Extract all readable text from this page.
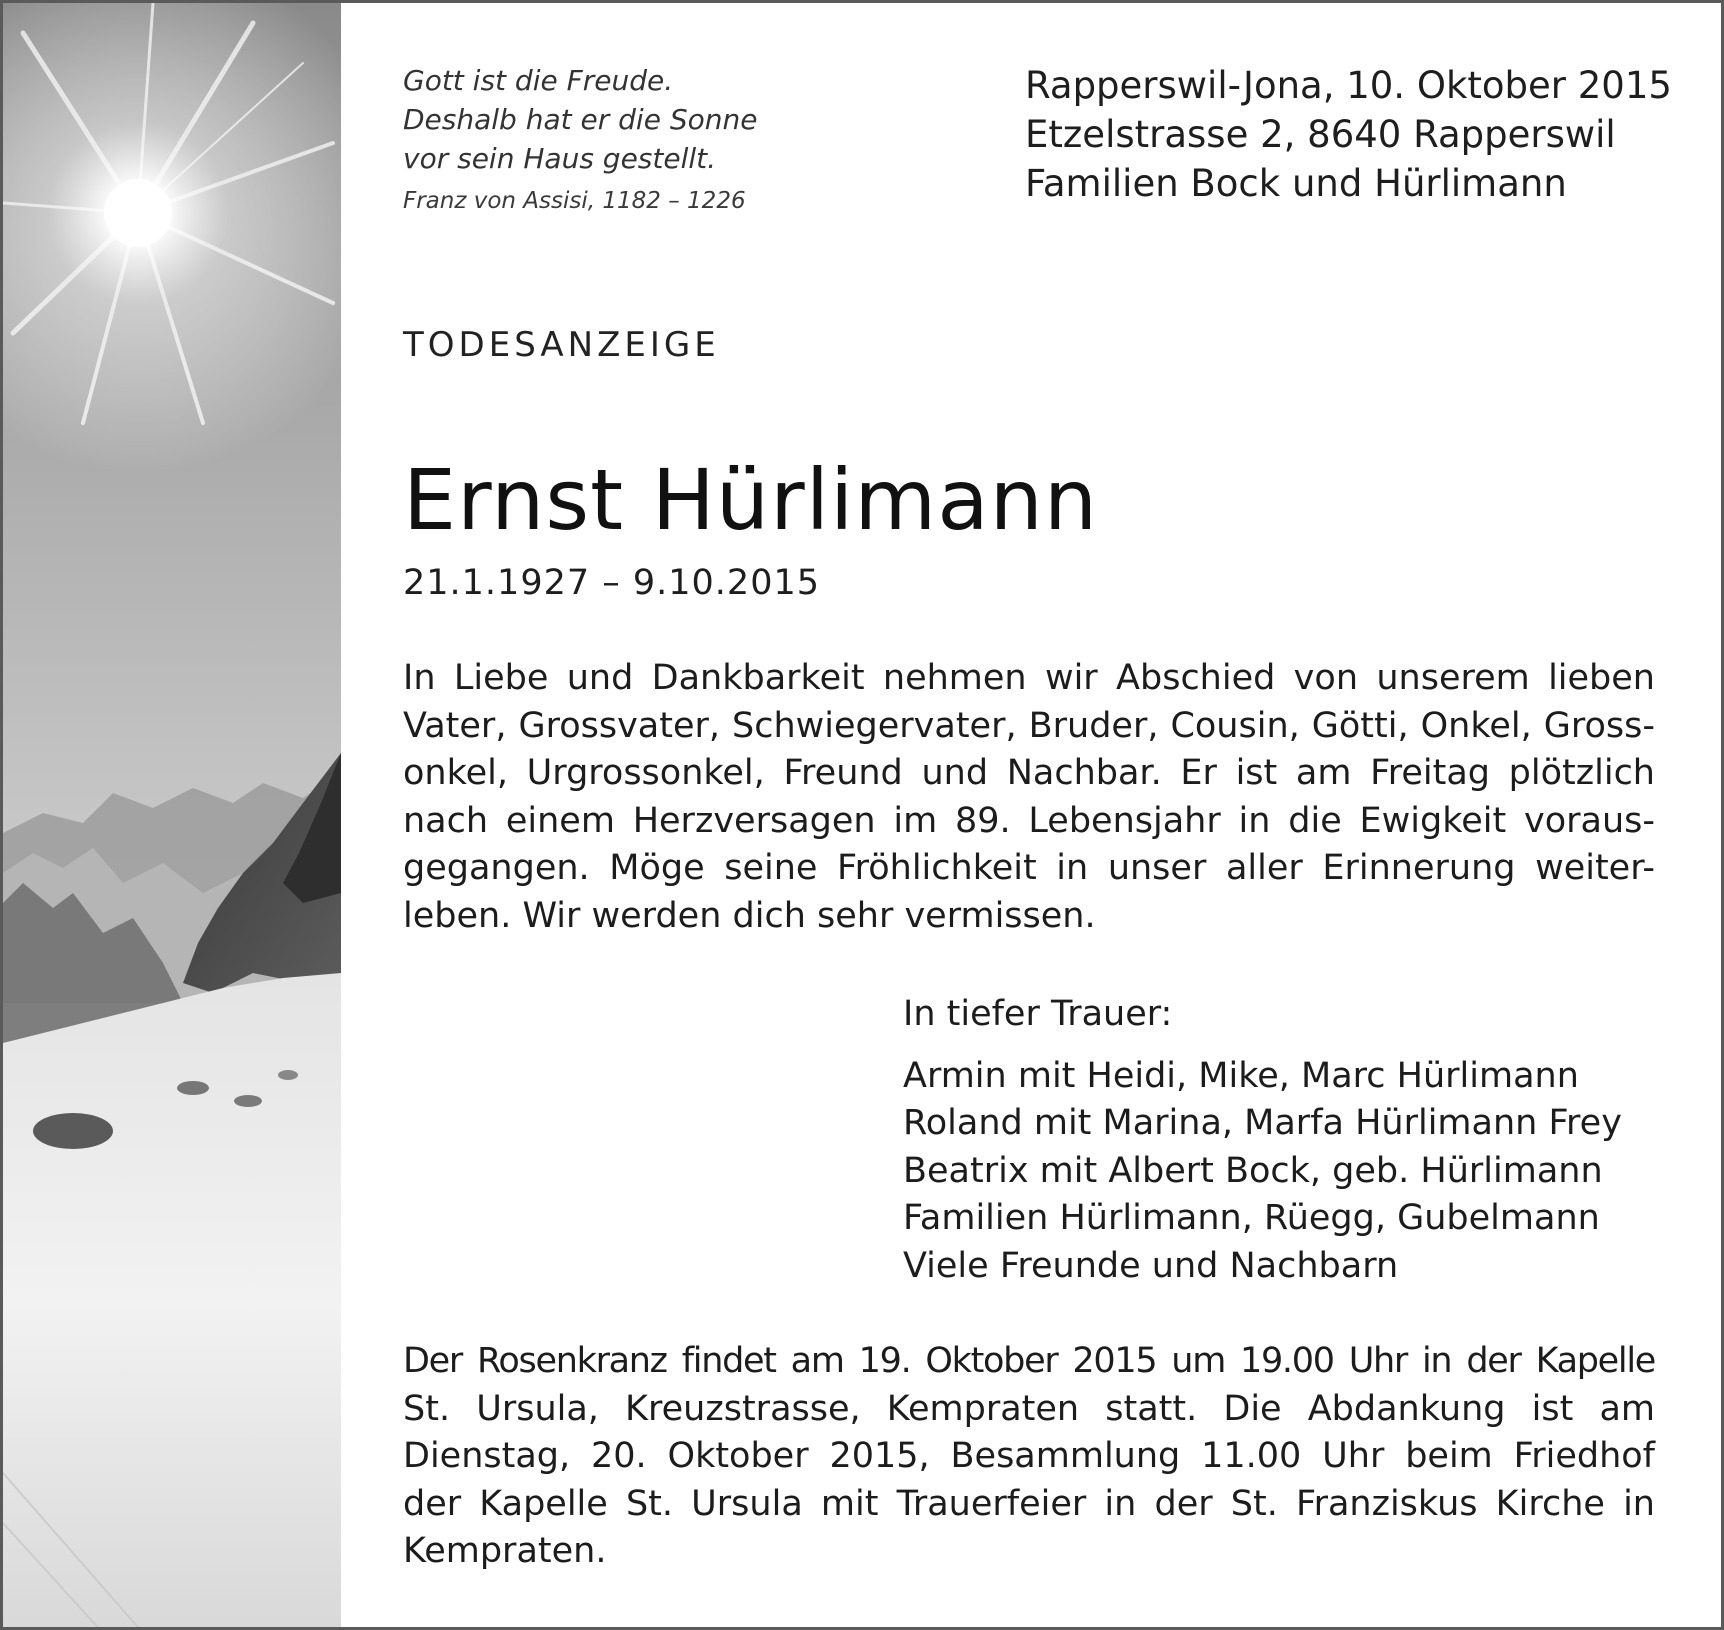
Gott ist die Freude.
Deshalb hat er die Sonne
vor sein Haus gestellt.
Franz von Assisi, 1182 – 1226
Rapperswil-Jona, 10. Oktober 2015
Etzelstrasse 2, 8640 Rapperswil
Familien Bock und Hürlimann
TODESANZEIGE
Ernst Hürlimann
21.1.1927 – 9.10.2015
In Liebe und Dankbarkeit nehmen wir Abschied von unserem lieben
Vater, Grossvater, Schwiegervater, Bruder, Cousin, Götti, Onkel, Gross-
onkel, Urgrossonkel, Freund und Nachbar. Er ist am Freitag plötzlich
nach einem Herzversagen im 89. Lebensjahr in die Ewigkeit voraus-
gegangen. Möge seine Fröhlichkeit in unser aller Erinnerung weiter-
leben. Wir werden dich sehr vermissen.
In tiefer Trauer:
Armin mit Heidi, Mike, Marc Hürlimann
Roland mit Marina, Marfa Hürlimann Frey
Beatrix mit Albert Bock, geb. Hürlimann
Familien Hürlimann, Rüegg, Gubelmann
Viele Freunde und Nachbarn
Der Rosenkranz findet am 19. Oktober 2015 um 19.00 Uhr in der Kapelle
St. Ursula, Kreuzstrasse, Kempraten statt. Die Abdankung ist am
Dienstag, 20. Oktober 2015, Besammlung 11.00 Uhr beim Friedhof
der Kapelle St. Ursula mit Trauerfeier in der St. Franziskus Kirche in
Kempraten.
